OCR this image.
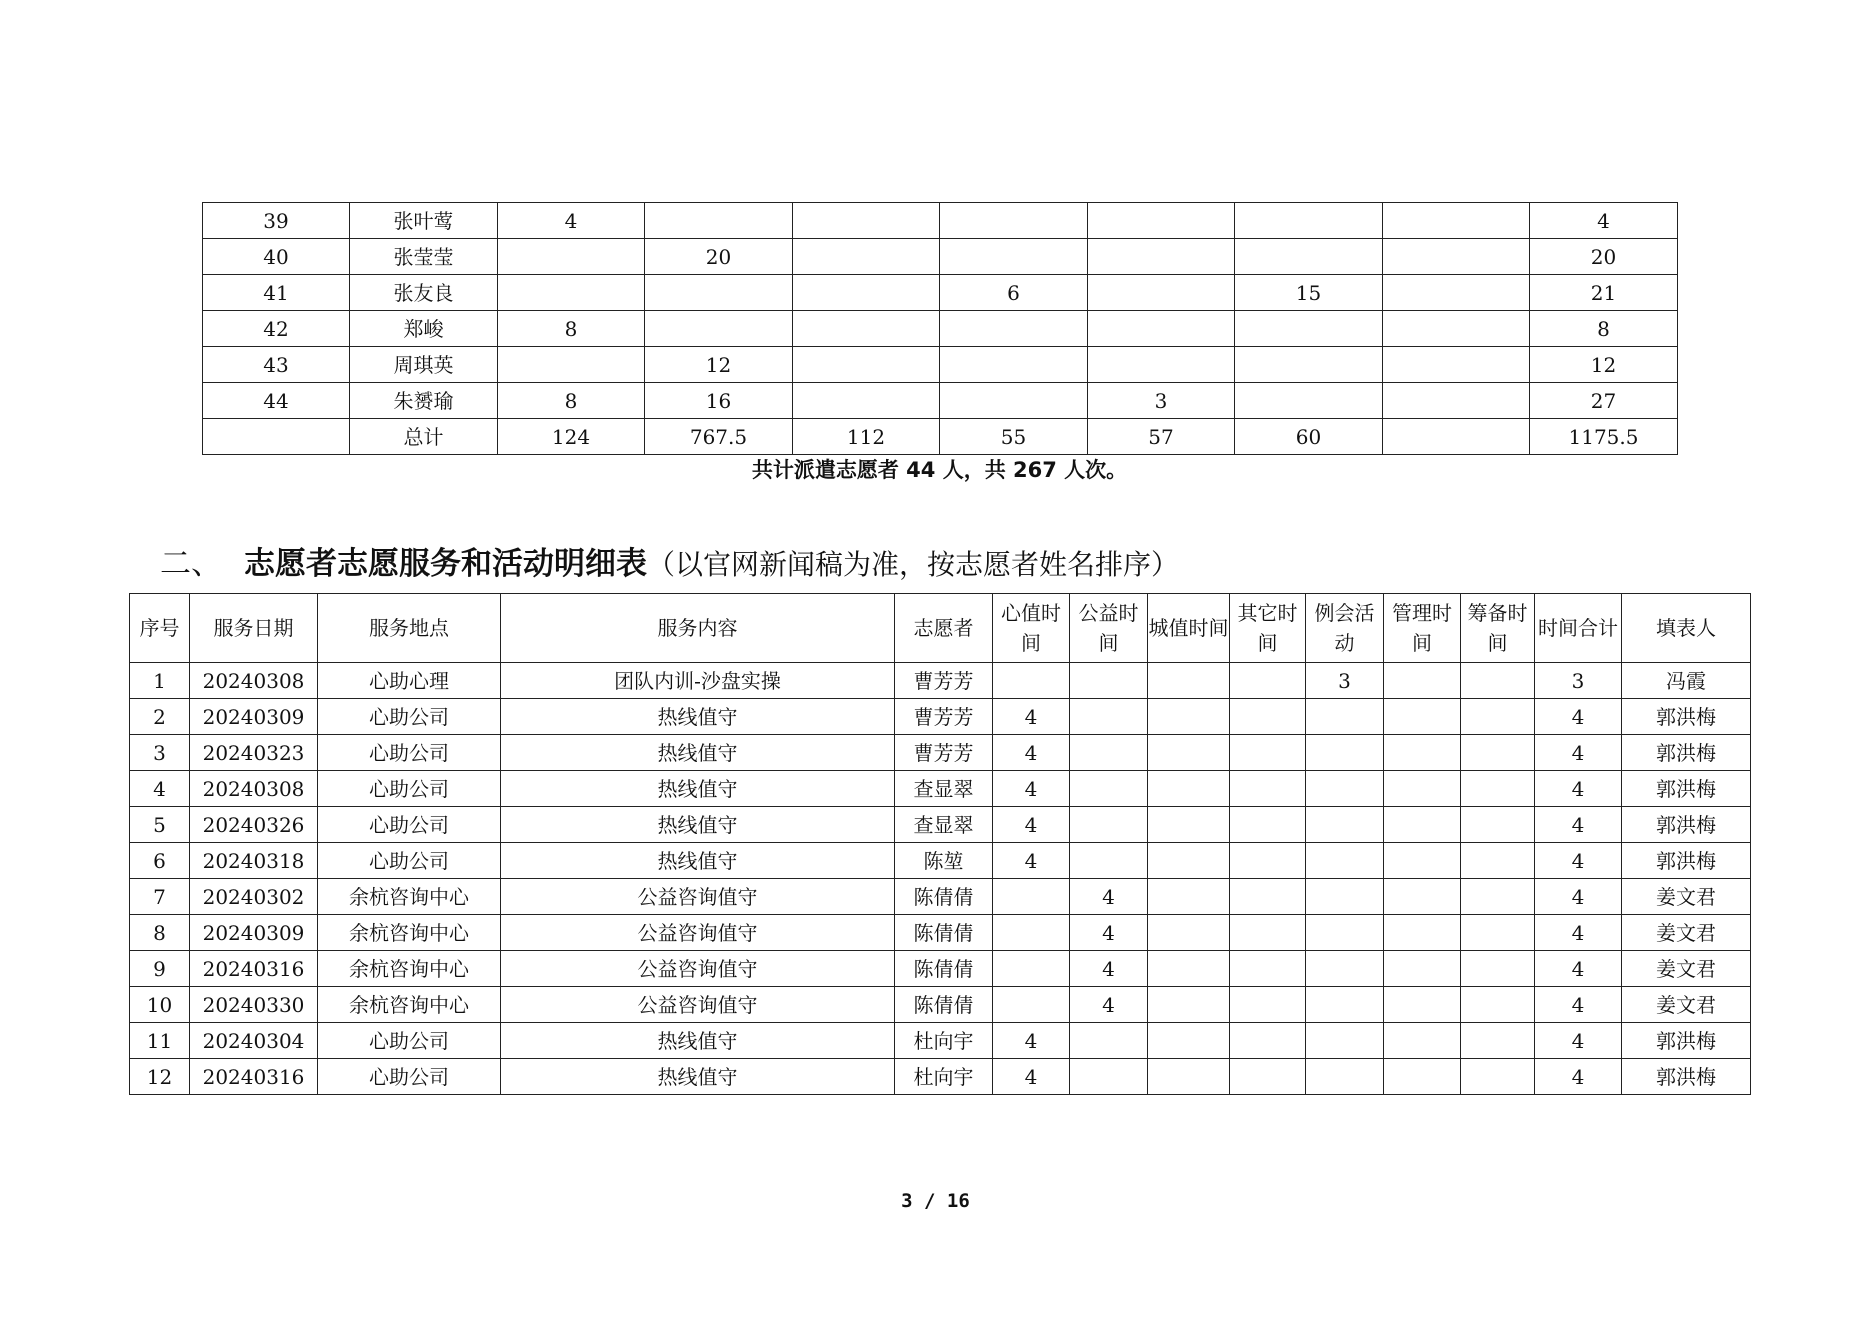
39	张叶莺	4							4
40	张莹莹		20						20
41	张友良				6		15		21
42	郑峻	8							8
43	周琪英		12						12
44	朱赟瑜	8	16			3			27
	总计	124	767.5	112	55	57	60		1175.5
共计派遣志愿者 44 人，共 267 人次。
二、 志愿者志愿服务和活动明细表（以官网新闻稿为准，按志愿者姓名排序）
序号	服务日期	服务地点	服务内容	志愿者	心值时间	公益时间	城值时间	其它时间	例会活动	管理时间	筹备时间	时间合计	填表人
1	20240308	心助心理	团队内训-沙盘实操	曹芳芳					3			3	冯霞
2	20240309	心助公司	热线值守	曹芳芳	4							4	郭洪梅
3	20240323	心助公司	热线值守	曹芳芳	4							4	郭洪梅
4	20240308	心助公司	热线值守	查显翠	4							4	郭洪梅
5	20240326	心助公司	热线值守	查显翠	4							4	郭洪梅
6	20240318	心助公司	热线值守	陈堃	4							4	郭洪梅
7	20240302	余杭咨询中心	公益咨询值守	陈倩倩		4						4	姜文君
8	20240309	余杭咨询中心	公益咨询值守	陈倩倩		4						4	姜文君
9	20240316	余杭咨询中心	公益咨询值守	陈倩倩		4						4	姜文君
10	20240330	余杭咨询中心	公益咨询值守	陈倩倩		4						4	姜文君
11	20240304	心助公司	热线值守	杜向宇	4							4	郭洪梅
12	20240316	心助公司	热线值守	杜向宇	4							4	郭洪梅
3 / 16
